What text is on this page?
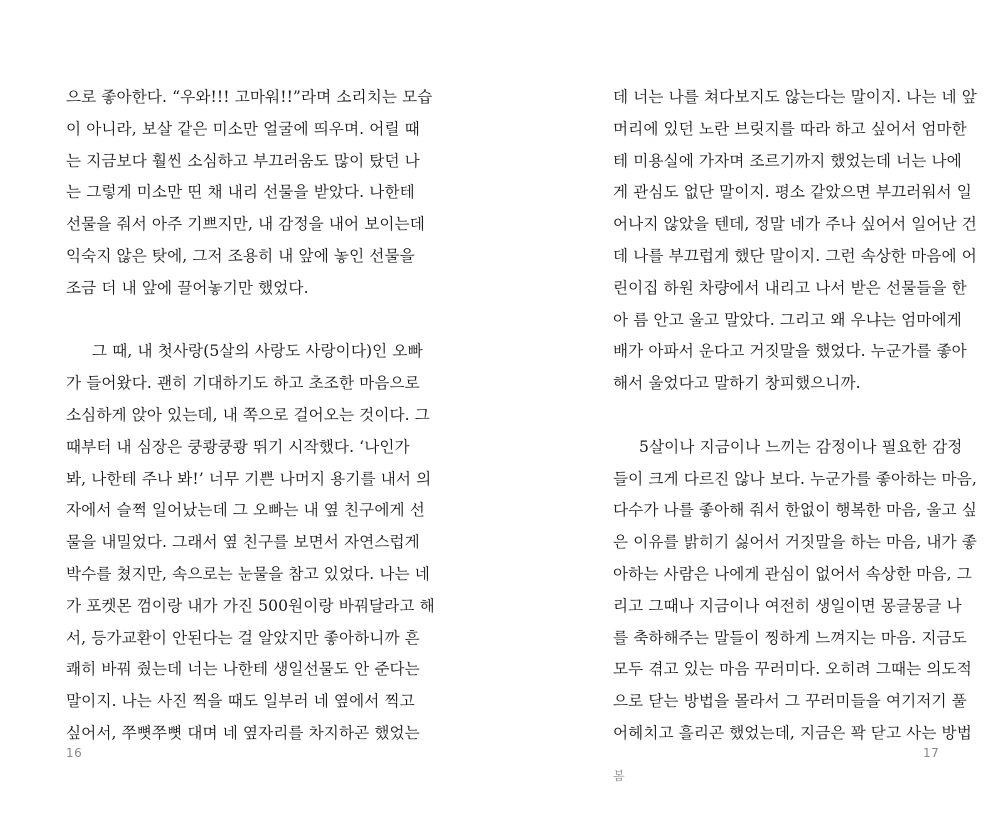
으로 좋아한다. “우와!!! 고마워!!”라며 소리치는 모습
이 아니라, 보살 같은 미소만 얼굴에 띄우며. 어릴 때
는 지금보다 훨씬 소심하고 부끄러움도 많이 탔던 나
는 그렇게 미소만 띤 채 내리 선물을 받았다. 나한테
선물을 줘서 아주 기쁘지만, 내 감정을 내어 보이는데
익숙지 않은 탓에, 그저 조용히 내 앞에 놓인 선물을
조금 더 내 앞에 끌어놓기만 했었다.
그 때, 내 첫사랑(5살의 사랑도 사랑이다)인 오빠
가 들어왔다. 괜히 기대하기도 하고 초조한 마음으로
소심하게 앉아 있는데, 내 쪽으로 걸어오는 것이다. 그
때부터 내 심장은 쿵쾅쿵쾅 뛰기 시작했다. ‘나인가
봐, 나한테 주나 봐!’ 너무 기쁜 나머지 용기를 내서 의
자에서 슬쩍 일어났는데 그 오빠는 내 옆 친구에게 선
물을 내밀었다. 그래서 옆 친구를 보면서 자연스럽게
박수를 쳤지만, 속으로는 눈물을 참고 있었다. 나는 네
가 포켓몬 껌이랑 내가 가진 500원이랑 바꿔달라고 해
서, 등가교환이 안된다는 걸 알았지만 좋아하니까 흔
쾌히 바꿔 줬는데 너는 나한테 생일선물도 안 준다는
말이지. 나는 사진 찍을 때도 일부러 네 옆에서 찍고
싶어서, 쭈뼛쭈뼛 대며 네 옆자리를 차지하곤 했었는
16
데 너는 나를 쳐다보지도 않는다는 말이지. 나는 네 앞
머리에 있던 노란 브릿지를 따라 하고 싶어서 엄마한
테 미용실에 가자며 조르기까지 했었는데 너는 나에
게 관심도 없단 말이지. 평소 같았으면 부끄러워서 일
어나지 않았을 텐데, 정말 네가 주나 싶어서 일어난 건
데 나를 부끄럽게 했단 말이지. 그런 속상한 마음에 어
린이집 하원 차량에서 내리고 나서 받은 선물들을 한
아 름 안고 울고 말았다. 그리고 왜 우냐는 엄마에게
배가 아파서 운다고 거짓말을 했었다. 누군가를 좋아
해서 울었다고 말하기 창피했으니까.
5살이나 지금이나 느끼는 감정이나 필요한 감정
들이 크게 다르진 않나 보다. 누군가를 좋아하는 마음,
다수가 나를 좋아해 줘서 한없이 행복한 마음, 울고 싶
은 이유를 밝히기 싫어서 거짓말을 하는 마음, 내가 좋
아하는 사람은 나에게 관심이 없어서 속상한 마음, 그
리고 그때나 지금이나 여전히 생일이면 몽글몽글 나
를 축하해주는 말들이 찡하게 느껴지는 마음. 지금도
모두 겪고 있는 마음 꾸러미다. 오히려 그때는 의도적
으로 닫는 방법을 몰라서 그 꾸러미들을 여기저기 풀
어헤치고 흘리곤 했었는데, 지금은 꽉 닫고 사는 방법
17
봄
